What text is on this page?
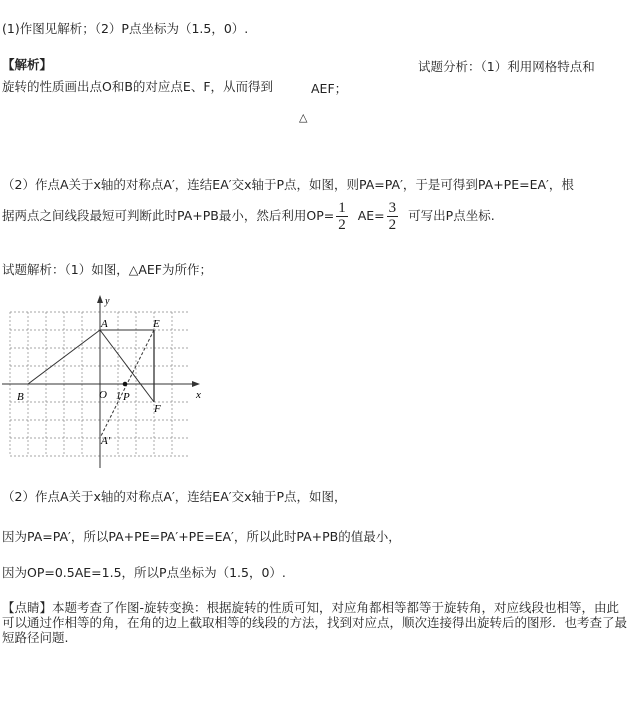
(1)作图见解析；（2）P点坐标为（1.5，0）.
【解析】	试题分析：（1）利用网格特点和
旋转的性质画出点O和B的对应点E、F，从而得到	AEF；
△
（2）作点A关于x轴的对称点A′，连结EA′交x轴于P点，如图，则PA=PA′，于是可得到PA+PE=EA′，根
据两点之间线段最短可判断此时PA+PB最小，然后利用$OP= \frac{1}{2} AE= \frac{3}{2}$ 可写出P点坐标.
试题解析：（1）如图，△AEF为所作；
y
x
A	E
B	O 1 P
F
A′
（2）作点A关于x轴的对称点A′，连结EA′交x轴于P点，如图，
因为PA=PA′，所以PA+PE=PA′+PE=EA′，所以此时PA+PB的值最小，
因为OP=0.5AE=1.5，所以P点坐标为（1.5，0）.
【点睛】本题考查了作图-旋转变换：根据旋转的性质可知，对应角都相等都等于旋转角，对应线段也相等，由此可以通过作相等的角，在角的边上截取相等的线段的方法，找到对应点，顺次连接得出旋转后的图形．也考查了最短路径问题.
